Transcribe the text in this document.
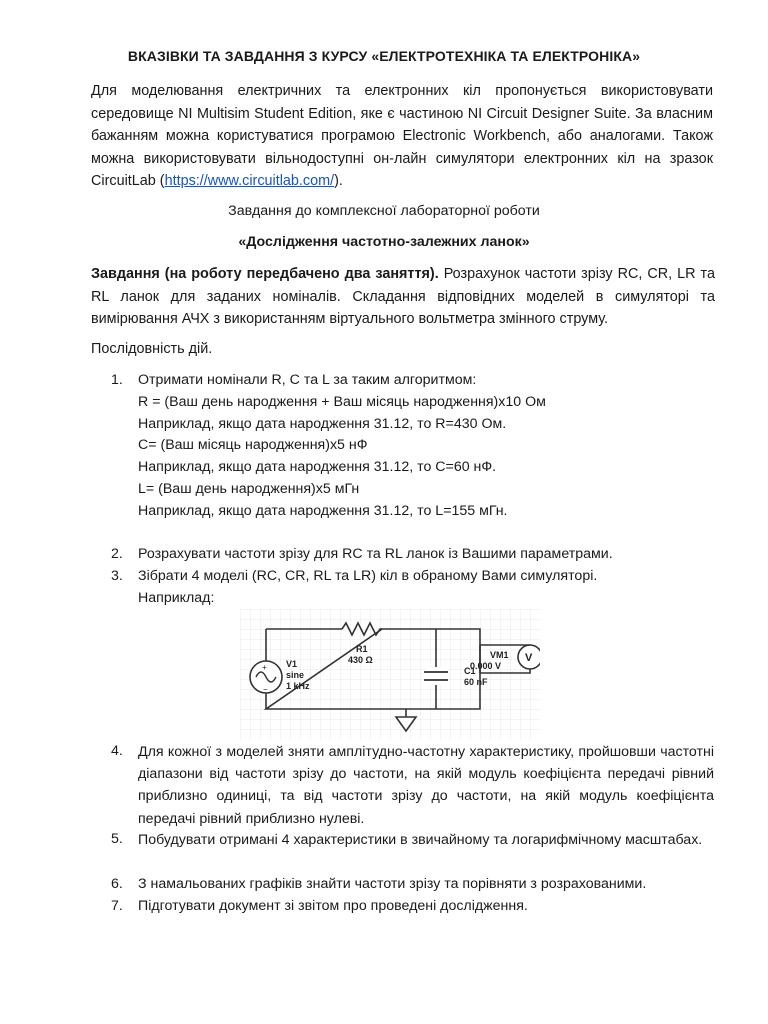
ВКАЗІВКИ ТА ЗАВДАННЯ З КУРСУ «ЕЛЕКТРОТЕХНІКА ТА ЕЛЕКТРОНІКА»
Для моделювання електричних та електронних кіл пропонується використовувати середовище NI Multisim Student Edition, яке є частиною NI Circuit Designer Suite. За власним бажанням можна користуватися програмою Electronic Workbench, або аналогами. Також можна використовувати вільнодоступні он-лайн симулятори електронних кіл на зразок CircuitLab (https://www.circuitlab.com/).
Завдання до комплексної лабораторної роботи
«Дослідження частотно-залежних ланок»
Завдання (на роботу передбачено два заняття). Розрахунок частоти зрізу RC, CR, LR та RL ланок для заданих номіналів. Складання відповідних моделей в симуляторі та вимірювання АЧХ з використанням віртуального вольтметра змінного струму.
Послідовність дій.
1.	Отримати номінали R, C та L за таким алгоритмом:
R = (Ваш день народження + Ваш місяць народження)x10 Ом
Наприклад, якщо дата народження 31.12, то R=430 Ом.
C= (Ваш місяць народження)x5 нФ
Наприклад, якщо дата народження 31.12, то C=60 нФ.
L= (Ваш день народження)x5 мГн
Наприклад, якщо дата народження 31.12, то L=155 мГн.
2.	Розрахувати частоти зрізу для RC та RL ланок із Вашими параметрами.
3.	Зібрати 4 моделі (RC, CR, RL та LR) кіл в обраному Вами симуляторі.
Наприклад:
R1
430 Ω
C1
60 nF
+
−
V1
sine
1 kHz
V
VM1
0.000 V
4.	Для кожної з моделей зняти амплітудно-частотну характеристику, пройшовши частотні діапазони від частоти зрізу до частоти, на якій модуль коефіцієнта передачі рівний приблизно одиниці, та від частоти зрізу до частоти, на якій модуль коефіцієнта передачі рівний приблизно нулеві.
5.	Побудувати отримані 4 характеристики в звичайному та логарифмічному масштабах.
6.	З намальованих графіків знайти частоти зрізу та порівняти з розрахованими.
7.	Підготувати документ зі звітом про проведені дослідження.
